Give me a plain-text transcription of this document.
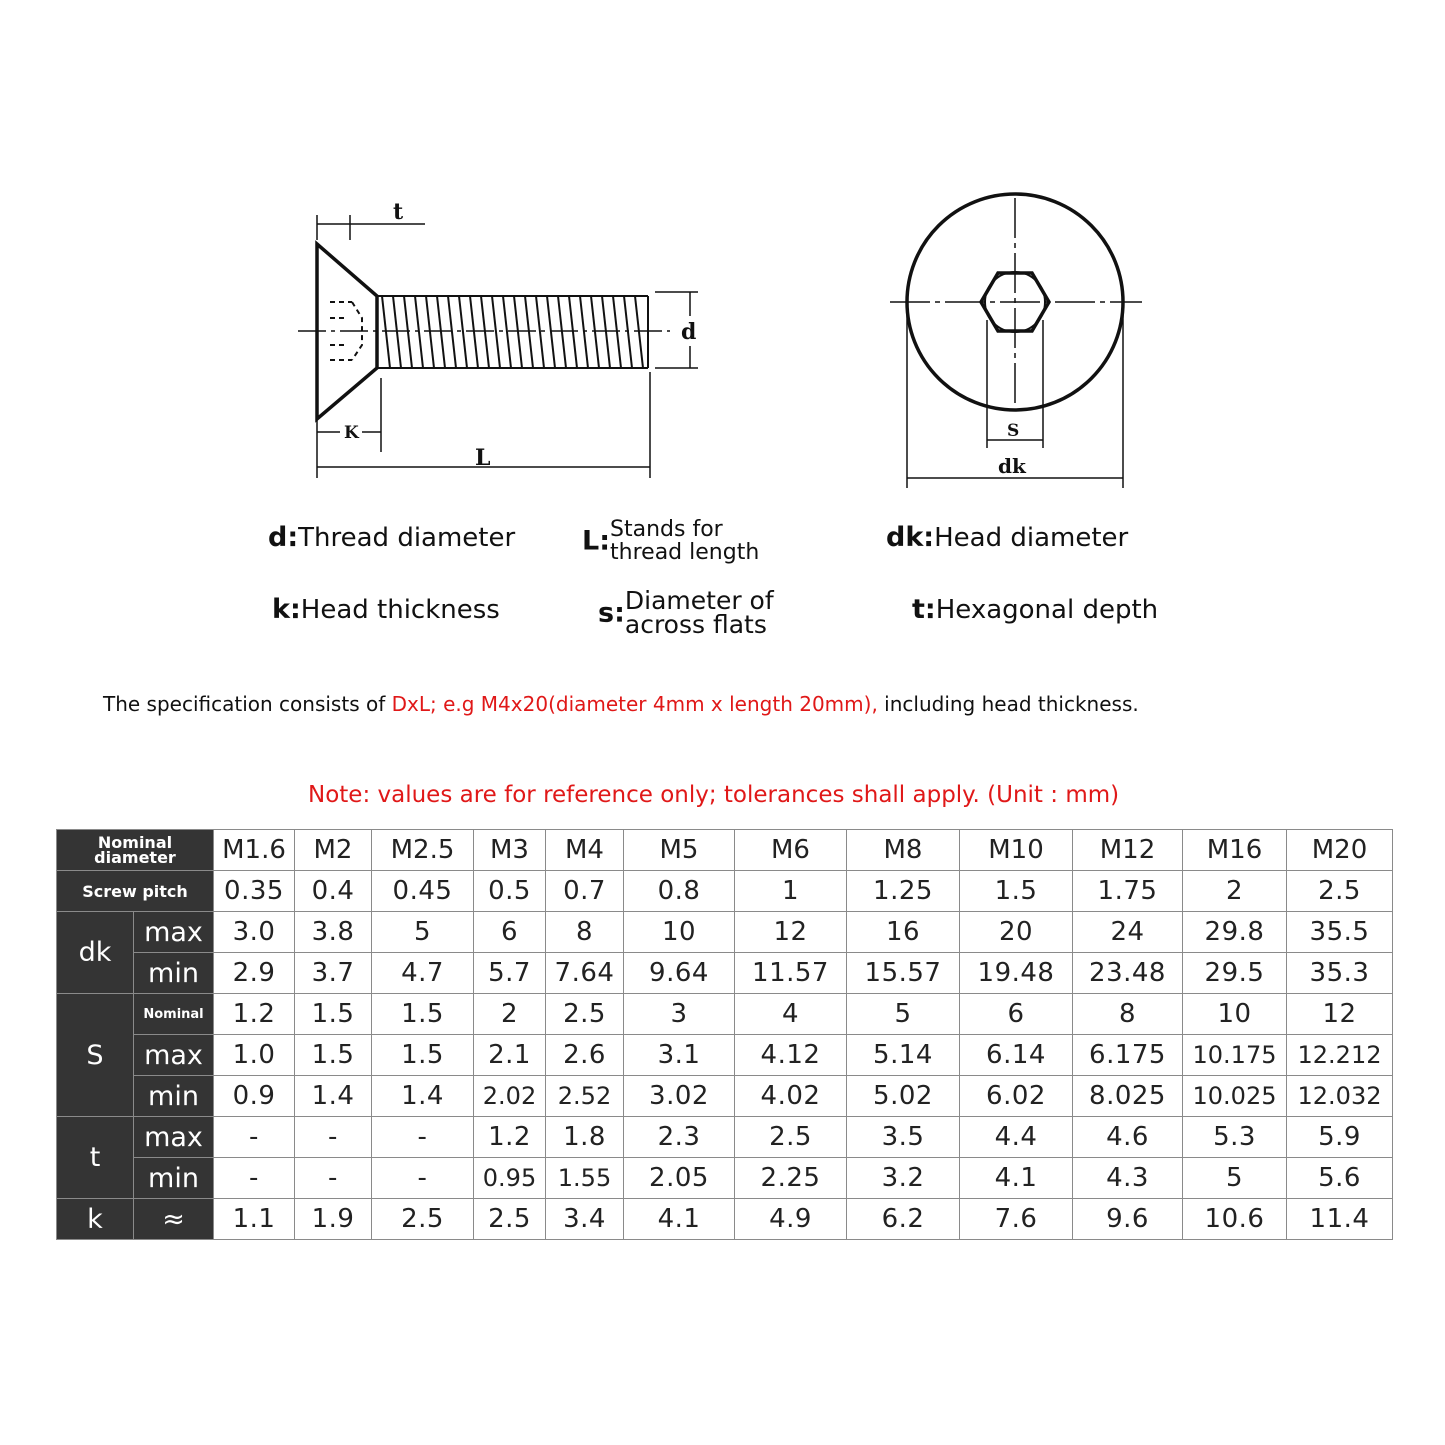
t
d
K
L
S
dk
d:Thread diameter L:Stands for
thread length	dk:Head diameter
k:Head thickness	s:Diameter of
across flats	t:Hexagonal depth
The specification consists of DxL; e.g M4x20(diameter 4mm x length 20mm), including head thickness.
Note: values are for reference only; tolerances shall apply. (Unit : mm)
Nominal
diameter		M1.6	M2	M2.5	M3	M4	M5	M6	M8	M10	M12	M16	M20
Screw pitch		0.35	0.4	0.45	0.5	0.7	0.8	1	1.25	1.5	1.75	2	2.5
dk	max	3.0	3.8	5	6	8	10	12	16	20	24	29.8	35.5
	min	2.9	3.7	4.7	5.7	7.64	9.64	11.57	15.57	19.48	23.48	29.5	35.3
S	Nominal	1.2	1.5	1.5	2	2.5	3	4	5	6	8	10	12
	max	1.0	1.5	1.5	2.1	2.6	3.1	4.12	5.14	6.14	6.175	10.175	12.212
	min	0.9	1.4	1.4	2.02	2.52	3.02	4.02	5.02	6.02	8.025	10.025	12.032
t	max	-	-	-	1.2	1.8	2.3	2.5	3.5	4.4	4.6	5.3	5.9
	min	-	-	-	0.95	1.55	2.05	2.25	3.2	4.1	4.3	5	5.6
k	≈	1.1	1.9	2.5	2.5	3.4	4.1	4.9	6.2	7.6	9.6	10.6	11.4
